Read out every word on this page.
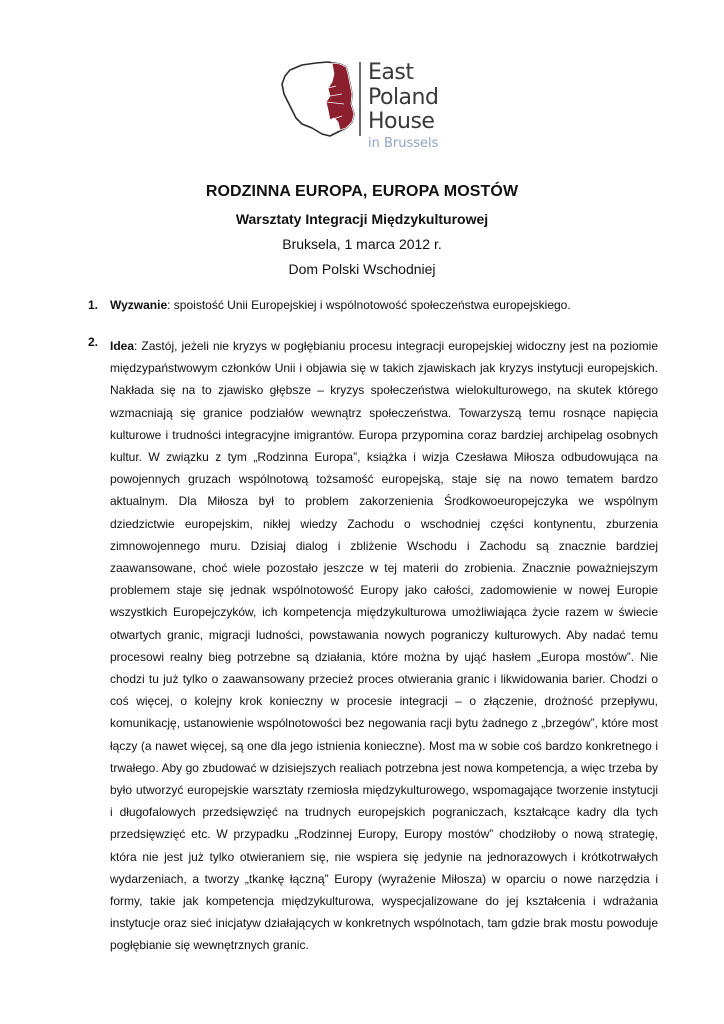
East
Poland
House
in Brussels
RODZINNA EUROPA, EUROPA MOSTÓW
Warsztaty Integracji Międzykulturowej
Bruksela, 1 marca 2012 r.
Dom Polski Wschodniej
1. Wyzwanie: spoistość Unii Europejskiej i wspólnotowość społeczeństwa europejskiego.
2. Idea: Zastój, jeżeli nie kryzys w pogłębianiu procesu integracji europejskiej widoczny jest na poziomie międzypaństwowym członków Unii i objawia się w takich zjawiskach jak kryzys instytucji europejskich. Nakłada się na to zjawisko głębsze – kryzys społeczeństwa wielokulturowego, na skutek którego wzmacniają się granice podziałów wewnątrz społeczeństwa. Towarzyszą temu rosnące napięcia kulturowe i trudności integracyjne imigrantów. Europa przypomina coraz bardziej archipelag osobnych kultur. W związku z tym „Rodzinna Europa”, książka i wizja Czesława Miłosza odbudowująca na powojennych gruzach wspólnotową tożsamość europejską, staje się na nowo tematem bardzo aktualnym. Dla Miłosza był to problem zakorzenienia Środkowoeuropejczyka we wspólnym dziedzictwie europejskim, nikłej wiedzy Zachodu o wschodniej części kontynentu, zburzenia zimnowojennego muru. Dzisiaj dialog i zbliżenie Wschodu i Zachodu są znacznie bardziej zaawansowane, choć wiele pozostało jeszcze w tej materii do zrobienia. Znacznie poważniejszym problemem staje się jednak wspólnotowość Europy jako całości, zadomowienie w nowej Europie wszystkich Europejczyków, ich kompetencja międzykulturowa umożliwiająca życie razem w świecie otwartych granic, migracji ludności, powstawania nowych pograniczy kulturowych. Aby nadać temu procesowi realny bieg potrzebne są działania, które można by ująć hasłem „Europa mostów”. Nie chodzi tu już tylko o zaawansowany przecież proces otwierania granic i likwidowania barier. Chodzi o coś więcej, o kolejny krok konieczny w procesie integracji – o złączenie, drożność przepływu, komunikację, ustanowienie wspólnotowości bez negowania racji bytu żadnego z „brzegów”, które most łączy (a nawet więcej, są one dla jego istnienia konieczne). Most ma w sobie coś bardzo konkretnego i trwałego. Aby go zbudować w dzisiejszych realiach potrzebna jest nowa kompetencja, a więc trzeba by było utworzyć europejskie warsztaty rzemiosła międzykulturowego, wspomagające tworzenie instytucji i długofalowych przedsięwzięć na trudnych europejskich pograniczach, kształcące kadry dla tych przedsięwzięć etc. W przypadku „Rodzinnej Europy, Europy mostów” chodziłoby o nową strategię, która nie jest już tylko otwieraniem się, nie wspiera się jedynie na jednorazowych i krótkotrwałych wydarzeniach, a tworzy „tkankę łączną” Europy (wyrażenie Miłosza) w oparciu o nowe narzędzia i formy, takie jak kompetencja międzykulturowa, wyspecjalizowane do jej kształcenia i wdrażania instytucje oraz sieć inicjatyw działających w konkretnych wspólnotach, tam gdzie brak mostu powoduje pogłębianie się wewnętrznych granic.
